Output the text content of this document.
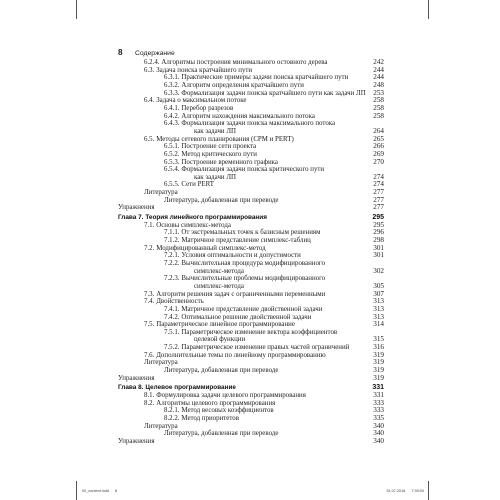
8 Содержание
6.2.4. Алгоритмы построения минимального остовного дерева	242
6.3. Задача поиска кратчайшего пути	244
6.3.1. Практические примеры задачи поиска кратчайшего пути	244
6.3.2. Алгоритм определения кратчайшего пути	248
6.3.3. Формализация задачи поиска кратчайшего пути как задачи ЛП 253
6.4. Задача о максимальном потоке	258
6.4.1. Перебор разрезов	258
6.4.2. Алгоритм нахождения максимального потока	258
6.4.3. Формализация задачи поиска максимального потока
как задачи ЛП	264
6.5. Методы сетевого планирования (CPM и PERT)	265
6.5.1. Построение сети проекта	266
6.5.2. Метод критического пути	269
6.5.3. Построение временного графика	270
6.5.4. Формализация задачи поиска критического пути
как задачи ЛП	274
6.5.5. Сети PERT	274
Литература	277
Литература, добавленная при переводе	277
Упражнения	277
Глава 7. Теория линейного программирования	295
7.1. Основы симплекс-метода	295
7.1.1. От экстремальных точек к базисным решениям	296
7.1.2. Матричное представление симплекс-таблиц	298
7.2. Модифицированный симплекс-метод	301
7.2.1. Условия оптимальности и допустимости	301
7.2.2. Вычислительная процедура модифицированного
симплекс-метода	302
7.2.3. Вычислительные проблемы модифицированного
симплекс-метода	305
7.3. Алгоритм решения задач с ограниченными переменными	307
7.4. Двойственность	313
7.4.1. Матричное представление двойственной задачи	313
7.4.2. Оптимальное решение двойственной задачи	313
7.5. Параметрическое линейное программирование	314
7.5.1. Параметрическое изменение вектора коэффициентов
целевой функции	315
7.5.2. Параметрическое изменение правых частей ограничений	316
7.6. Дополнительные темы по линейному программированию	319
Литература	319
Литература, добавленная при переводе	319
Упражнения	319
Глава 8. Целевое программирование	331
8.1. Формулировка задачи целевого программирования	331
8.2. Алгоритмы целевого программирования	333
8.2.1. Метод весовых коэффициентов	333
8.2.2. Метод приоритетов	335
Литература	340
Литература, добавленная при переводе	340
Упражнения	340
00_content.indd 8	31.07.2018 7:39:00
